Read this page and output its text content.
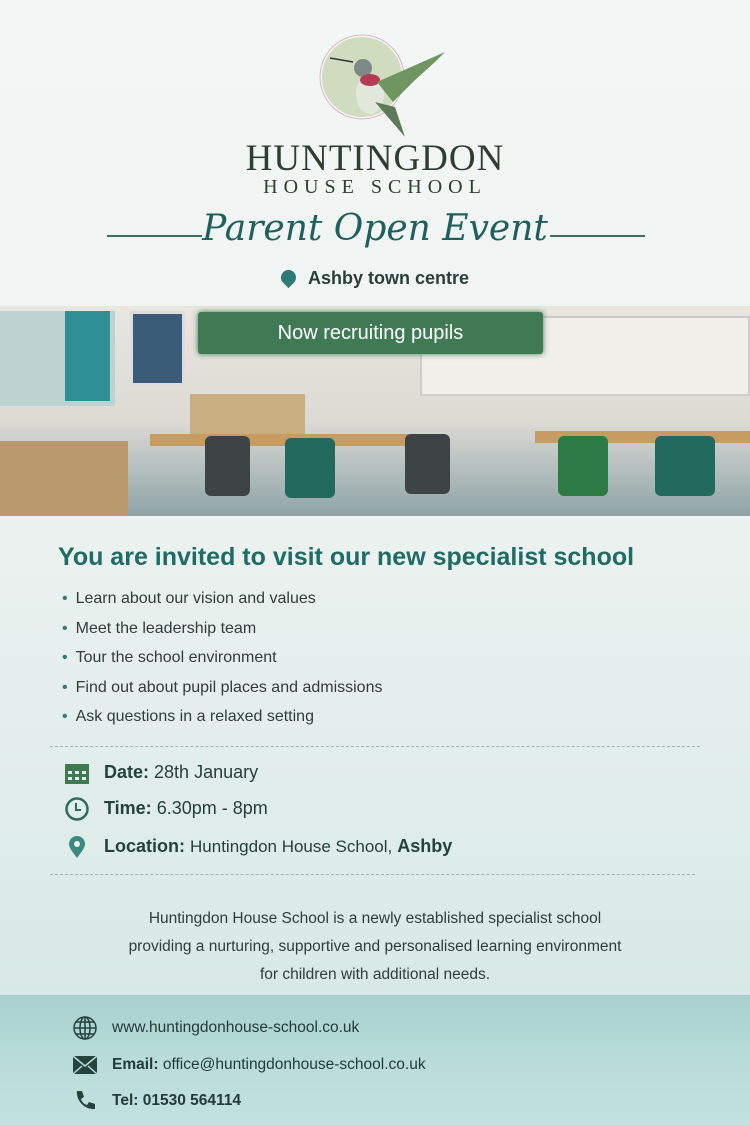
HUNTINGDON
HOUSE SCHOOL
Parent Open Event
Ashby town centre
Now recruiting pupils
You are invited to visit our new specialist school
• Learn about our vision and values
• Meet the leadership team
• Tour the school environment
• Find out about pupil places and admissions
• Ask questions in a relaxed setting
Date: 28th January
Time: 6.30pm - 8pm
Location: Huntingdon House School, Ashby
Huntingdon House School is a newly established specialist school
providing a nurturing, supportive and personalised learning environment
for children with additional needs.
www.huntingdonhouse-school.co.uk
Email: office@huntingdonhouse-school.co.uk
Tel: 01530 564114
